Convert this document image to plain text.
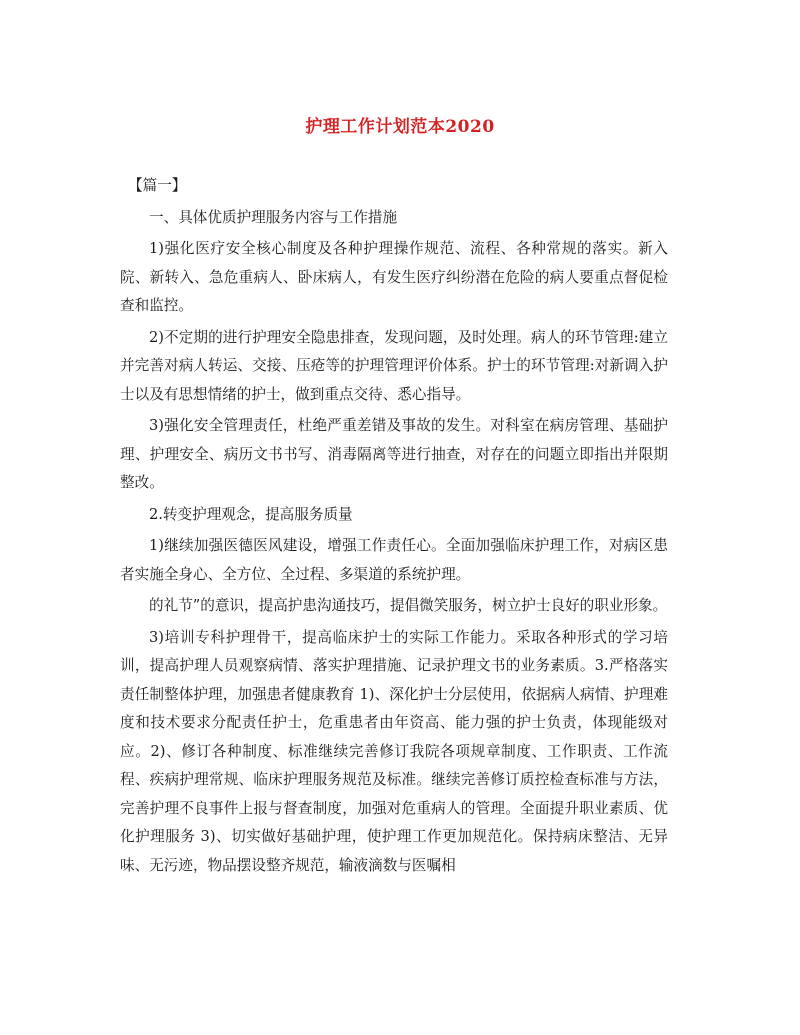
护理工作计划范本2020

【篇一】

一、具体优质护理服务内容与工作措施

1)强化医疗安全核心制度及各种护理操作规范、流程、各种常规的落实。新入院、新转入、急危重病人、卧床病人，有发生医疗纠纷潜在危险的病人要重点督促检查和监控。

2)不定期的进行护理安全隐患排查，发现问题，及时处理。病人的环节管理:建立并完善对病人转运、交接、压疮等的护理管理评价体系。护士的环节管理:对新调入护士以及有思想情绪的护士，做到重点交待、悉心指导。

3)强化安全管理责任，杜绝严重差错及事故的发生。对科室在病房管理、基础护理、护理安全、病历文书书写、消毒隔离等进行抽查，对存在的问题立即指出并限期整改。

2.转变护理观念，提高服务质量

1)继续加强医德医风建设，增强工作责任心。全面加强临床护理工作，对病区患者实施全身心、全方位、全过程、多渠道的系统护理。

的礼节”的意识，提高护患沟通技巧，提倡微笑服务，树立护士良好的职业形象。

3)培训专科护理骨干，提高临床护士的实际工作能力。采取各种形式的学习培训，提高护理人员观察病情、落实护理措施、记录护理文书的业务素质。3.严格落实责任制整体护理，加强患者健康教育 1)、深化护士分层使用，依据病人病情、护理难度和技术要求分配责任护士，危重患者由年资高、能力强的护士负责，体现能级对应。2)、修订各种制度、标准继续完善修订我院各项规章制度、工作职责、工作流程、疾病护理常规、临床护理服务规范及标准。继续完善修订质控检查标准与方法，完善护理不良事件上报与督查制度，加强对危重病人的管理。全面提升职业素质、优化护理服务 3)、切实做好基础护理，使护理工作更加规范化。保持病床整洁、无异味、无污迹，物品摆设整齐规范，输液滴数与医嘱相
